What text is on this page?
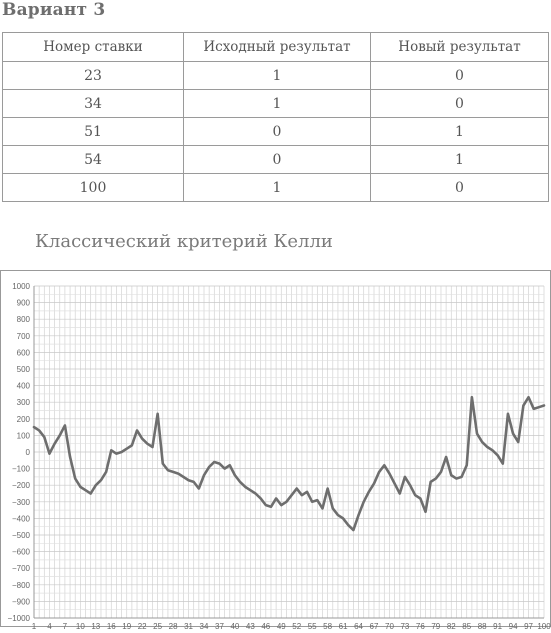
Вариант 3
Номер ставки	Исходный результат	Новый результат
23	1	0
34	1	0
51	0	1
54	0	1
100	1	0
Классический критерий Келли
1000
900
800
700
600
500
400
300
200
100
0
−100
−200
−300
−400
−500
−600
−700
−800
−900
−1000
1 4 7 10 13 16 19 22 25 28 31 34 37 40 43 46 49 52 55 58 61 64 67 70 73 76 79 82 85 88 91 94 97 100
